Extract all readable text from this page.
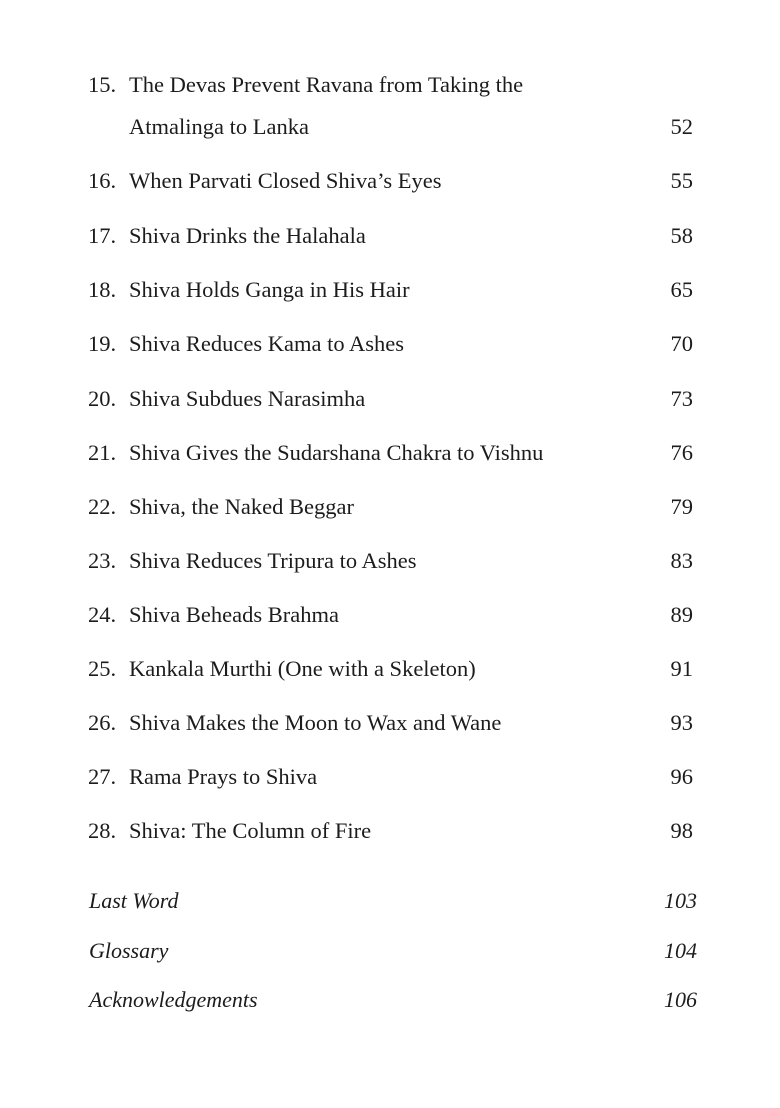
15. The Devas Prevent Ravana from Taking the
Atmalinga to Lanka	52
16. When Parvati Closed Shiva’s Eyes	55
17. Shiva Drinks the Halahala	58
18. Shiva Holds Ganga in His Hair	65
19. Shiva Reduces Kama to Ashes	70
20. Shiva Subdues Narasimha	73
21. Shiva Gives the Sudarshana Chakra to Vishnu	76
22. Shiva, the Naked Beggar	79
23. Shiva Reduces Tripura to Ashes	83
24. Shiva Beheads Brahma	89
25. Kankala Murthi (One with a Skeleton)	91
26. Shiva Makes the Moon to Wax and Wane	93
27. Rama Prays to Shiva	96
28. Shiva: The Column of Fire	98
Last Word	103
Glossary	104
Acknowledgements	106
